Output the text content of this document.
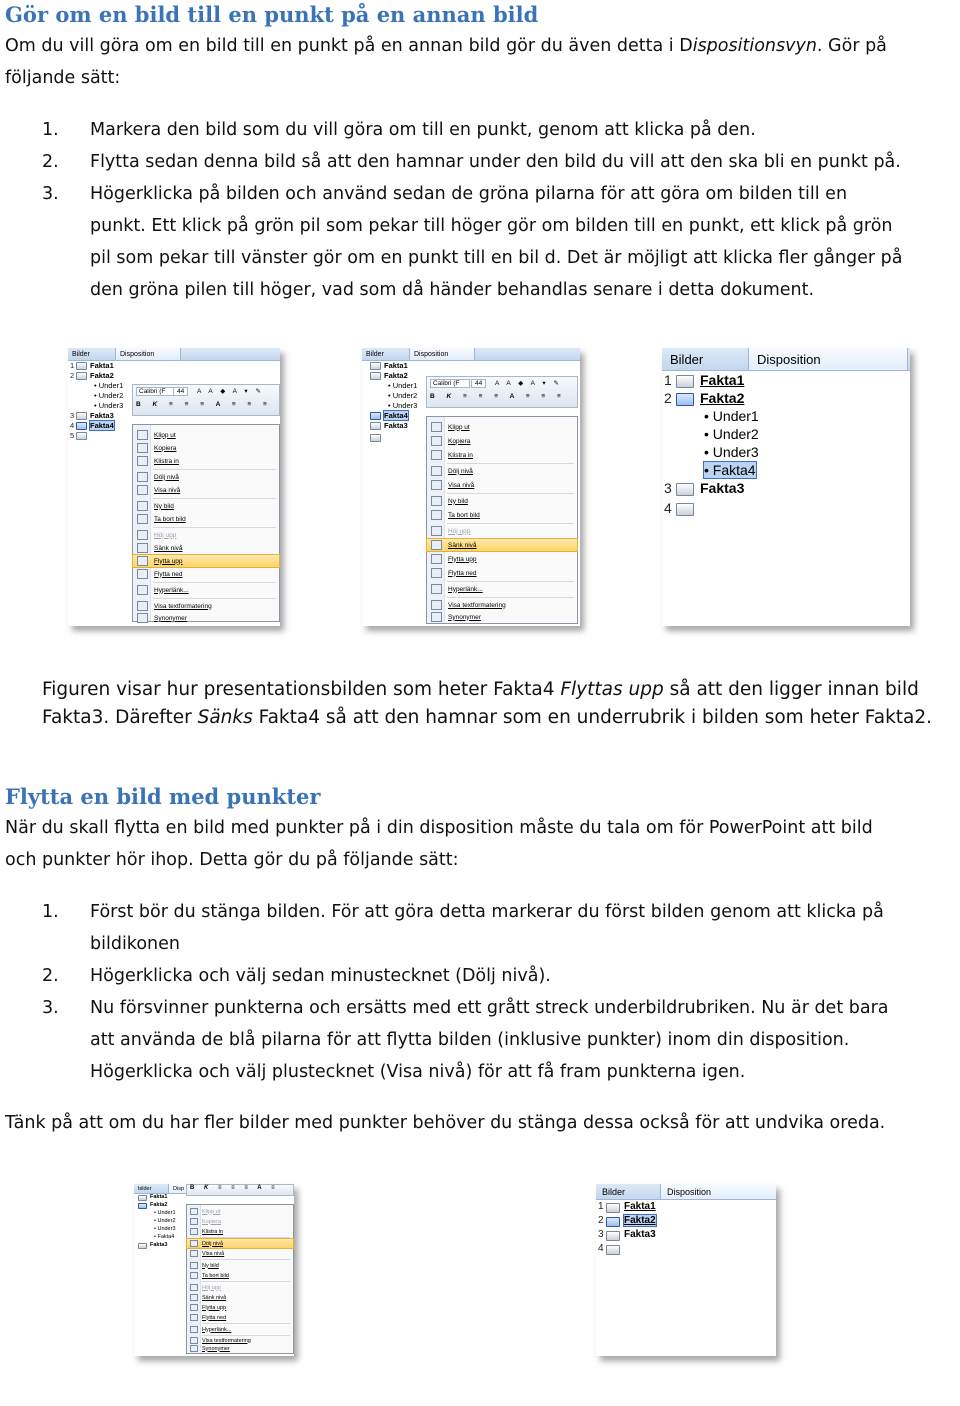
Gör om en bild till en punkt på en annan bild

Om du vill göra om en bild till en punkt på en annan bild gör du även detta i Dispositionsvyn. Gör på
följande sätt:

1. Markera den bild som du vill göra om till en punkt, genom att klicka på den.
2. Flytta sedan denna bild så att den hamnar under den bild du vill att den ska bli en punkt på.
3. Högerklicka på bilden och använd sedan de gröna pilarna för att göra om bilden till en
punkt. Ett klick på grön pil som pekar till höger gör om bilden till en punkt, ett klick på grön
pil som pekar till vänster gör om en punkt till en bil d. Det är möjligt att klicka fler gånger på
den gröna pilen till höger, vad som då händer behandlas senare i detta dokument.
Bilder	Disposition
1 Fakta1
2 Fakta2
• Under1
• Under2
• Under3
3 Fakta3
4 Fakta4
5
Calibri (F	44	A A ◆ A ▾ ✎
B K ≡ ≡ ≡ A ≡ ≡ ≡
Klipp ut
Kopiera
Klistra in
Dölj nivå
Visa nivå
Ny bild
Ta bort bild
Höj upp
Sänk nivå
Flytta upp
Flytta ned
Hyperlänk...
Visa textformatering
Synonymer
Bilder	Disposition
Fakta1
Fakta2
• Under1
• Under2
• Under3
Fakta4
Fakta3
Calibri (F	44	A A ◆ A ▾ ✎
B K ≡ ≡ ≡ A ≡ ≡ ≡
Klipp ut
Kopiera
Klistra in
Dölj nivå
Visa nivå
Ny bild
Ta bort bild
Höj upp
Sänk nivå
Flytta upp
Flytta ned
Hyperlänk...
Visa textformatering
Synonymer
Bilder	Disposition
1 Fakta1
2 Fakta2
• Under1
• Under2
• Under3
• Fakta4
3 Fakta3
4

Figuren visar hur presentationsbilden som heter Fakta4 Flyttas upp så att den ligger innan bild
Fakta3. Därefter Sänks Fakta4 så att den hamnar som en underrubrik i bilden som heter Fakta2.

Flytta en bild med punkter

När du skall flytta en bild med punkter på i din disposition måste du tala om för PowerPoint att bild
och punkter hör ihop. Detta gör du på följande sätt:

1. Först bör du stänga bilden. För att göra detta markerar du först bilden genom att klicka på
bildikonen
2. Högerklicka och välj sedan minustecknet (Dölj nivå).
3. Nu försvinner punkterna och ersätts med ett grått streck underbildrubriken. Nu är det bara
att använda de blå pilarna för att flytta bilden (inklusive punkter) inom din disposition.
Högerklicka och välj plustecknet (Visa nivå) för att få fram punkterna igen.

Tänk på att om du har fler bilder med punkter behöver du stänga dessa också för att undvika oreda.

bilder	Disp
Fakta1
Fakta2
• Under1
• Under2
• Under3
• Fakta4
Fakta3
B K ≡ ≡ ≡ A ≡
Klipp ut
Kopiera
Klistra in
Dölj nivå
Visa nivå
Ny bild
Ta bort bild
Höj upp
Sänk nivå
Flytta upp
Flytta ned
Hyperlänk...
Visa textformatering
Synonymer
Bilder	Disposition
1 Fakta1
2 Fakta2
3 Fakta3
4
